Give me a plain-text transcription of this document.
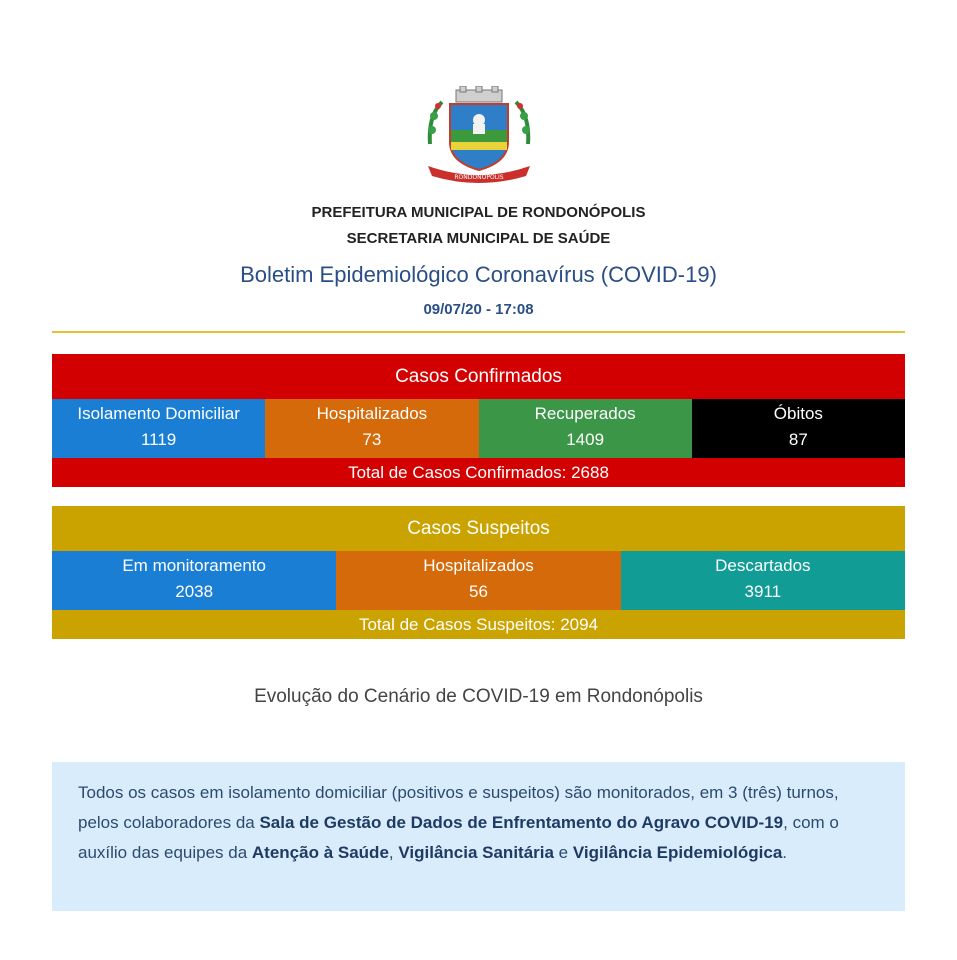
RONDONÓPOLIS
PREFEITURA MUNICIPAL DE RONDONÓPOLIS
SECRETARIA MUNICIPAL DE SAÚDE
Boletim Epidemiológico Coronavírus (COVID-19)
09/07/20 - 17:08
Casos Confirmados
Isolamento Domiciliar
1119
Hospitalizados
73
Recuperados
1409
Óbitos
87
Total de Casos Confirmados: 2688
Casos Suspeitos
Em monitoramento
2038
Hospitalizados
56
Descartados
3911
Total de Casos Suspeitos: 2094
Evolução do Cenário de COVID-19 em Rondonópolis
Todos os casos em isolamento domiciliar (positivos e suspeitos) são monitorados, em 3 (três) turnos, pelos colaboradores da Sala de Gestão de Dados de Enfrentamento do Agravo COVID-19, com o auxílio das equipes da Atenção à Saúde, Vigilância Sanitária e Vigilância Epidemiológica.
